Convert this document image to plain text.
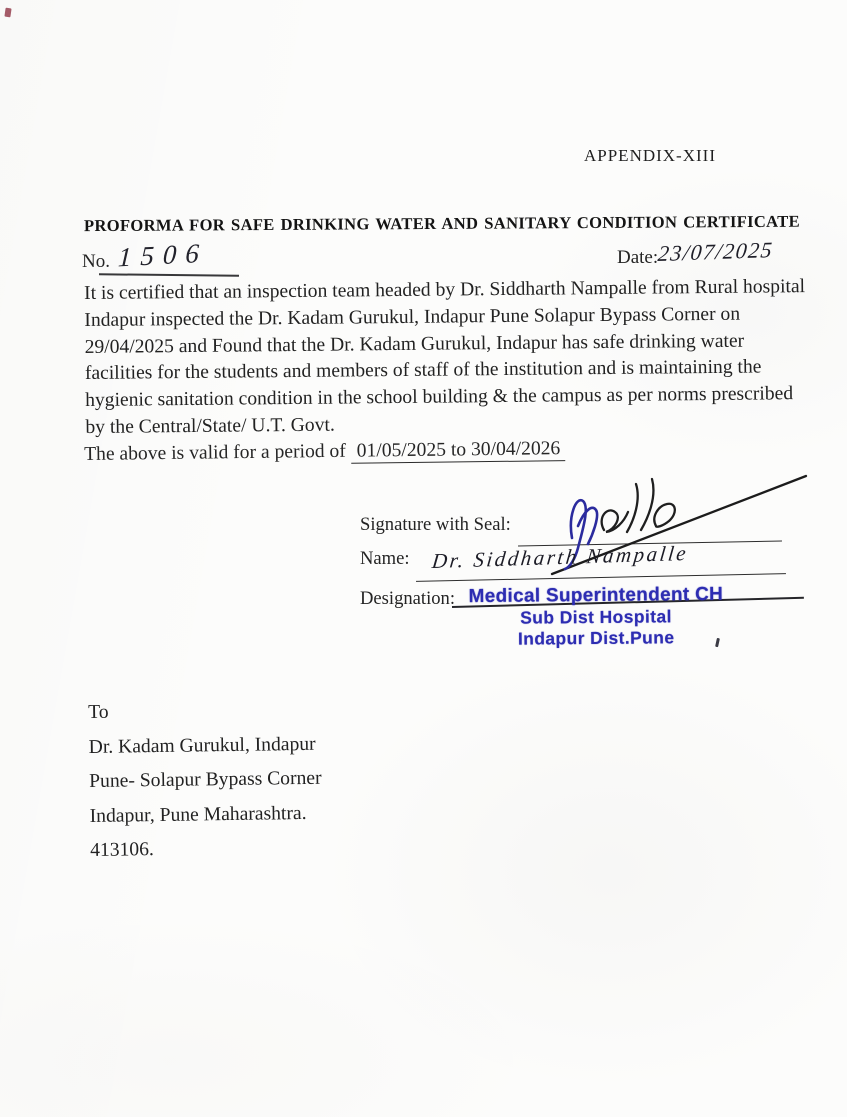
APPENDIX-XIII
PROFORMA FOR SAFE DRINKING WATER AND SANITARY CONDITION CERTIFICATE
No. 1506	Date:
23/07/2025
It is certified that an inspection team headed by Dr. Siddharth Nampalle from Rural hospital
Indapur inspected the Dr. Kadam Gurukul, Indapur Pune Solapur Bypass Corner on
29/04/2025 and Found that the Dr. Kadam Gurukul, Indapur has safe drinking water
facilities for the students and members of staff of the institution and is maintaining the
hygienic sanitation condition in the school building & the campus as per norms prescribed
by the Central/State/ U.T. Govt.
The above is valid for a period of 01/05/2025 to 30/04/2026
Signature with Seal:
Name: Dr. Siddharth Nampalle
Designation: Medical Superintendent CH
Sub Dist Hospital
Indapur Dist.Pune
To
Dr. Kadam Gurukul, Indapur
Pune- Solapur Bypass Corner
Indapur, Pune Maharashtra.
413106.
